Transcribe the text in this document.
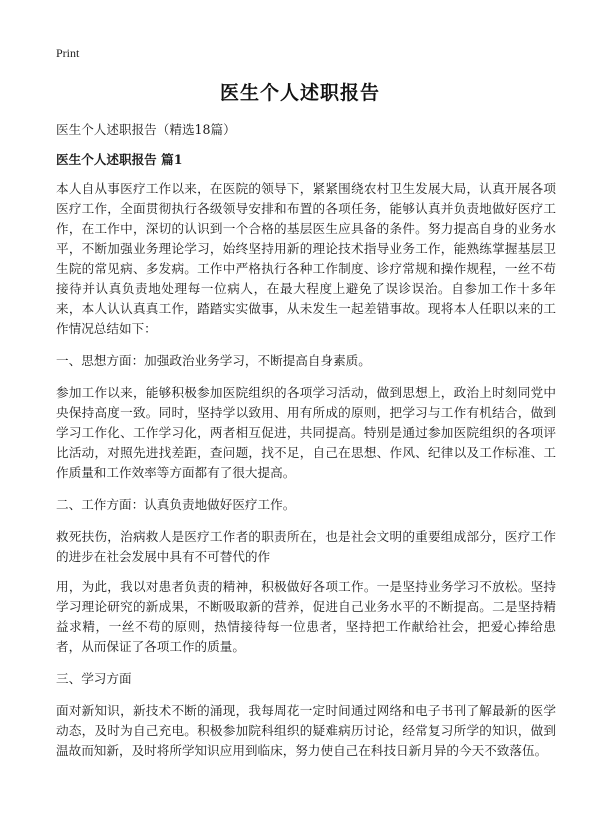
Print
医生个人述职报告

医生个人述职报告（精选18篇）

医生个人述职报告 篇1

本人自从事医疗工作以来，在医院的领导下，紧紧围绕农村卫生发展大局，认真开展各项医疗工作，全面贯彻执行各级领导安排和布置的各项任务，能够认真并负责地做好医疗工作，在工作中，深切的认识到一个合格的基层医生应具备的条件。努力提高自身的业务水平，不断加强业务理论学习，始终坚持用新的理论技术指导业务工作，能熟练掌握基层卫生院的常见病、多发病。工作中严格执行各种工作制度、诊疗常规和操作规程，一丝不苟接待并认真负责地处理每一位病人，在最大程度上避免了误诊误治。自参加工作十多年来，本人认认真真工作，踏踏实实做事，从未发生一起差错事故。现将本人任职以来的工作情况总结如下：

一、思想方面：加强政治业务学习，不断提高自身素质。

参加工作以来，能够积极参加医院组织的各项学习活动，做到思想上，政治上时刻同党中央保持高度一致。同时，坚持学以致用、用有所成的原则，把学习与工作有机结合，做到学习工作化、工作学习化，两者相互促进，共同提高。特别是通过参加医院组织的各项评比活动，对照先进找差距，查问题，找不足，自己在思想、作风、纪律以及工作标准、工作质量和工作效率等方面都有了很大提高。

二、工作方面：认真负责地做好医疗工作。

救死扶伤，治病救人是医疗工作者的职责所在，也是社会文明的重要组成部分，医疗工作的进步在社会发展中具有不可替代的作

用，为此，我以对患者负责的精神，积极做好各项工作。一是坚持业务学习不放松。坚持学习理论研究的新成果，不断吸取新的营养，促进自己业务水平的不断提高。二是坚持精益求精，一丝不苟的原则，热情接待每一位患者，坚持把工作献给社会，把爱心捧给患者，从而保证了各项工作的质量。

三、学习方面

面对新知识，新技术不断的涌现，我每周花一定时间通过网络和电子书刊了解最新的医学动态，及时为自己充电。积极参加院科组织的疑难病历讨论，经常复习所学的知识，做到温故而知新，及时将所学知识应用到临床，努力使自己在科技日新月异的今天不致落伍。
